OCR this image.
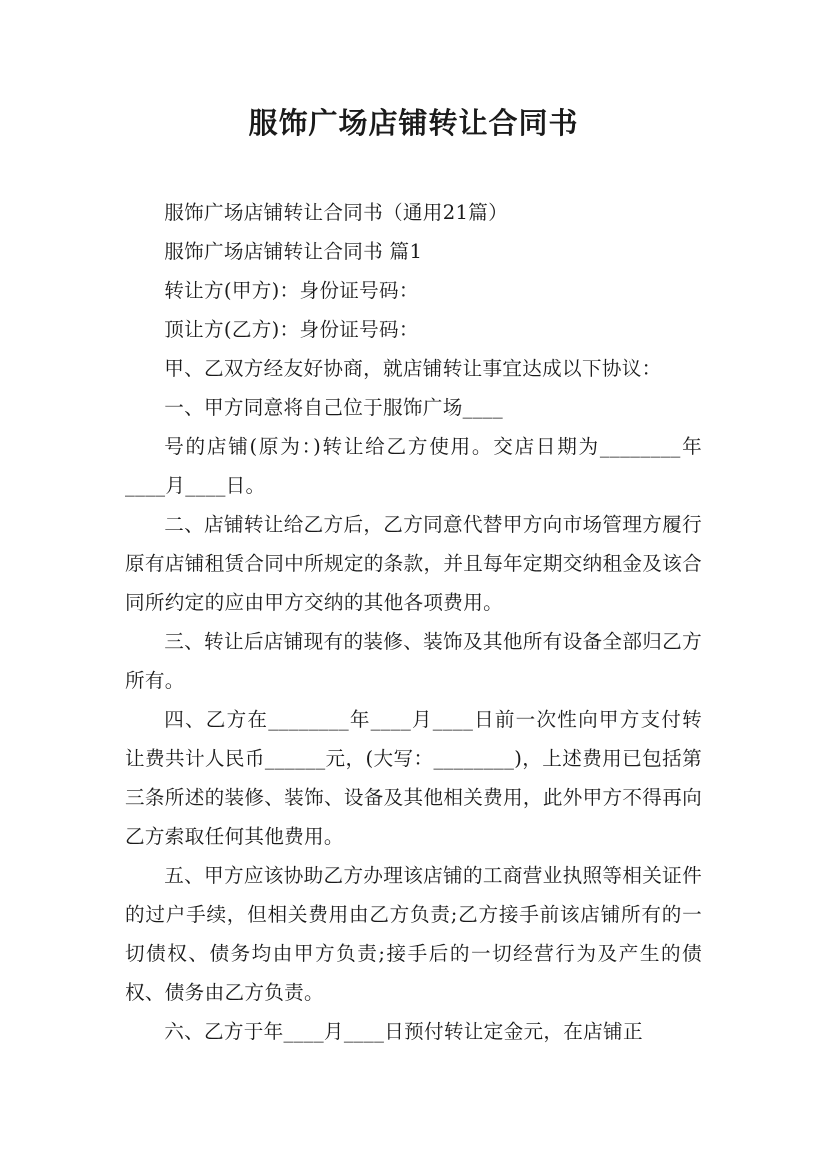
服饰广场店铺转让合同书

服饰广场店铺转让合同书（通用21篇）

服饰广场店铺转让合同书 篇1

转让方(甲方)：身份证号码：

顶让方(乙方)：身份证号码：

甲、乙双方经友好协商，就店铺转让事宜达成以下协议：

一、甲方同意将自己位于服饰广场____

号的店铺(原为：)转让给乙方使用。交店日期为________年____月____日。

二、店铺转让给乙方后，乙方同意代替甲方向市场管理方履行原有店铺租赁合同中所规定的条款，并且每年定期交纳租金及该合同所约定的应由甲方交纳的其他各项费用。

三、转让后店铺现有的装修、装饰及其他所有设备全部归乙方所有。

四、乙方在________年____月____日前一次性向甲方支付转让费共计人民币______元，(大写：________)，上述费用已包括第三条所述的装修、装饰、设备及其他相关费用，此外甲方不得再向乙方索取任何其他费用。

五、甲方应该协助乙方办理该店铺的工商营业执照等相关证件的过户手续，但相关费用由乙方负责;乙方接手前该店铺所有的一切债权、债务均由甲方负责;接手后的一切经营行为及产生的债权、债务由乙方负责。

六、乙方于年____月____日预付转让定金元，在店铺正
